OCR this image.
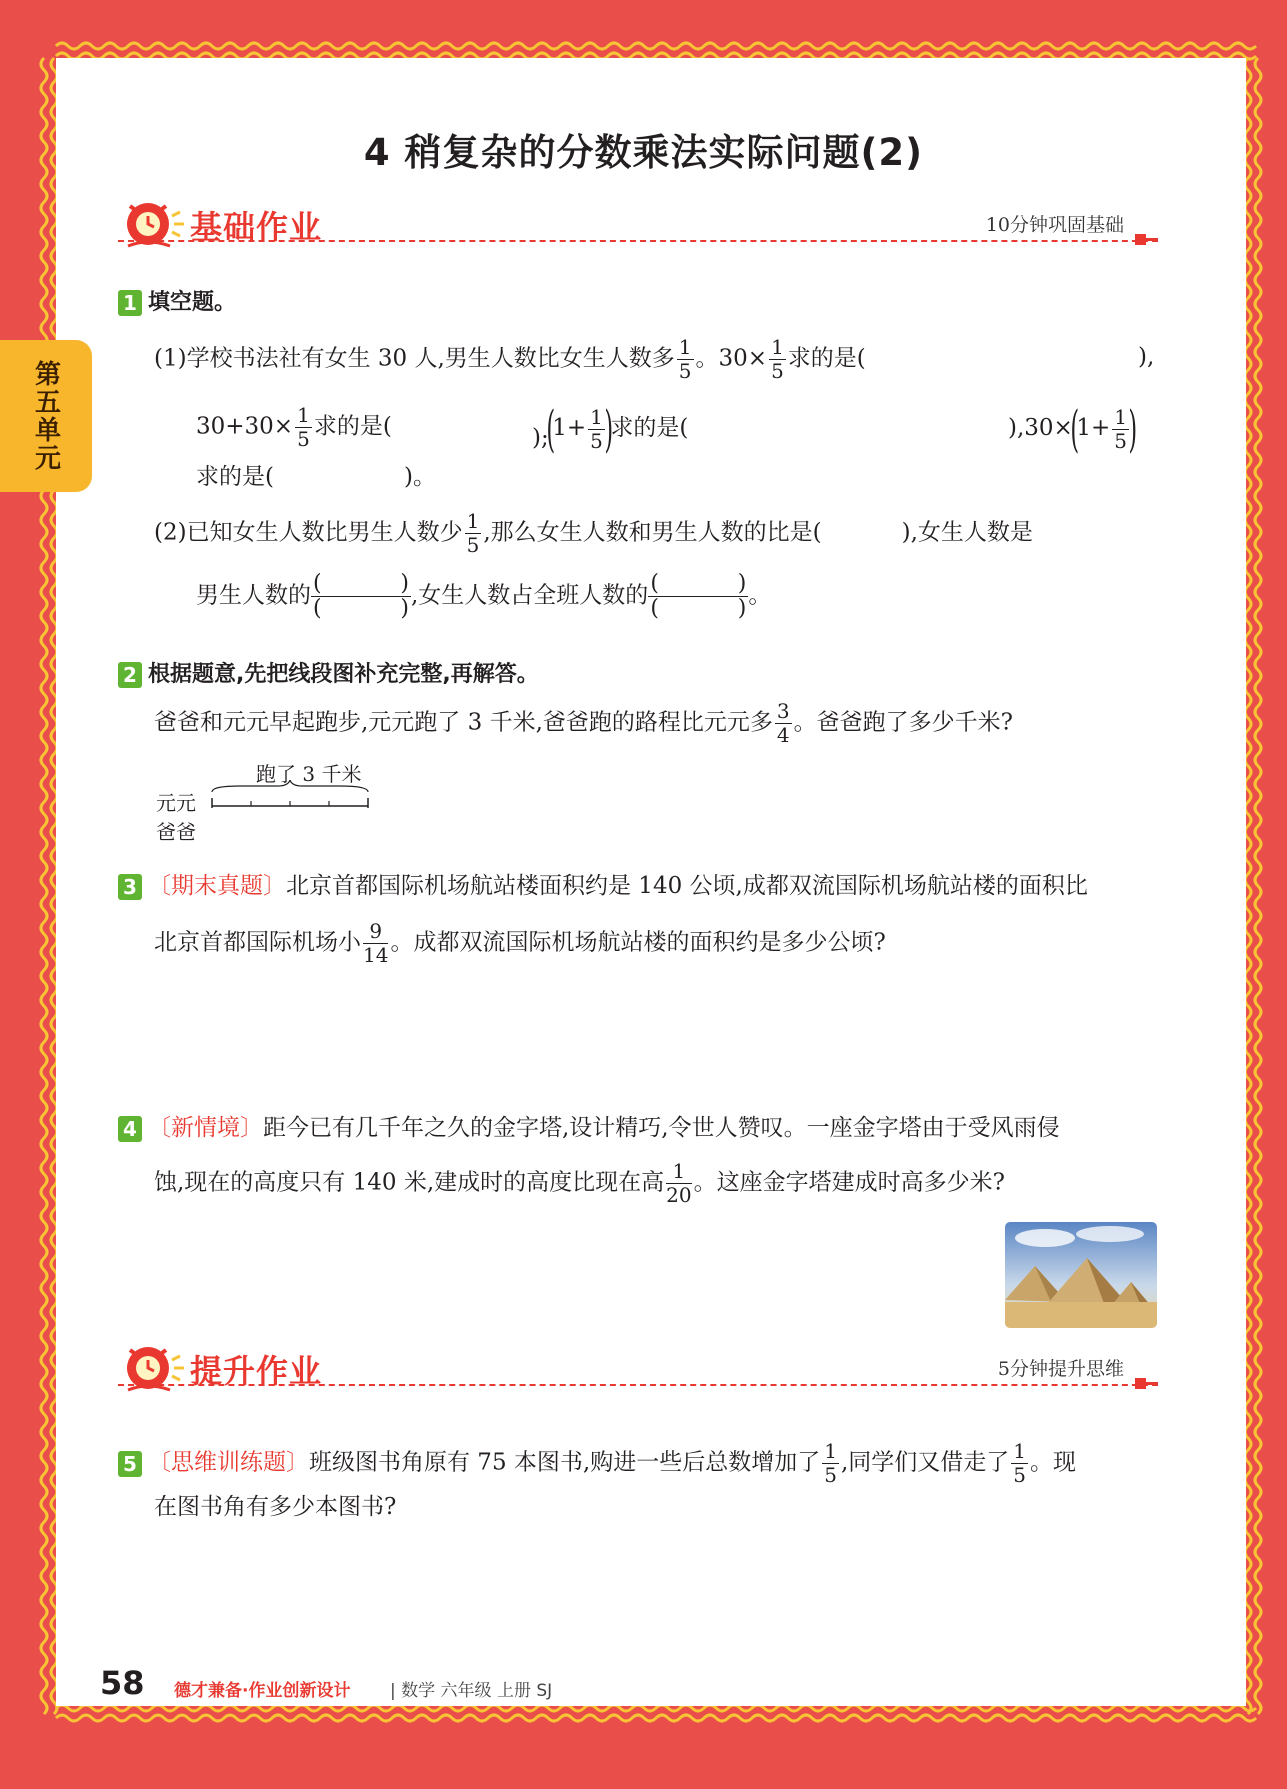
第五单元
4 稍复杂的分数乘法实际问题(2)
基础作业	10分钟巩固基础
1 填空题。
(1)学校书法社有女生 30 人,男生人数比女生人数多 $\frac{1}{5}$ 。$30\times \frac{1}{5}$ 求的是(	),
$30+30\times \frac{1}{5}$ 求的是(	);(1+ $\frac{1}{5}$ )求的是(	)$,30\times(1+ \frac{1}{5}$ )
求的是(	)。
(2)已知女生人数比男生人数少 $\frac{1}{5}$ ,那么女生人数和男生人数的比是(	),女生人数是
男生人数的 (	)
(	) ,女生人数占全班人数的 (	)
(	) 。
2 根据题意,先把线段图补充完整,再解答。
爸爸和元元早起跑步,元元跑了 3 千米,爸爸跑的路程比元元多 $\frac{3}{4}$ 。爸爸跑了多少千米?
跑了 3 千米
元元
爸爸
3 〔期末真题〕北京首都国际机场航站楼面积约是 140 公顷,成都双流国际机场航站楼的面积比
北京首都国际机场小 $\frac{9}{14}$ 。成都双流国际机场航站楼的面积约是多少公顷?
4 〔新情境〕距今已有几千年之久的金字塔,设计精巧,令世人赞叹。一座金字塔由于受风雨侵
蚀,现在的高度只有 140 米,建成时的高度比现在高 $\frac{1}{20}$ 。这座金字塔建成时高多少米?
提升作业	5分钟提升思维
5 〔思维训练题〕班级图书角原有 75 本图书,购进一些后总数增加了 $\frac{1}{5}$ ,同学们又借走了 $\frac{1}{5}$ 。现
在图书角有多少本图书?
58 德才兼备·作业创新设计 | 数学 六年级 上册 SJ
